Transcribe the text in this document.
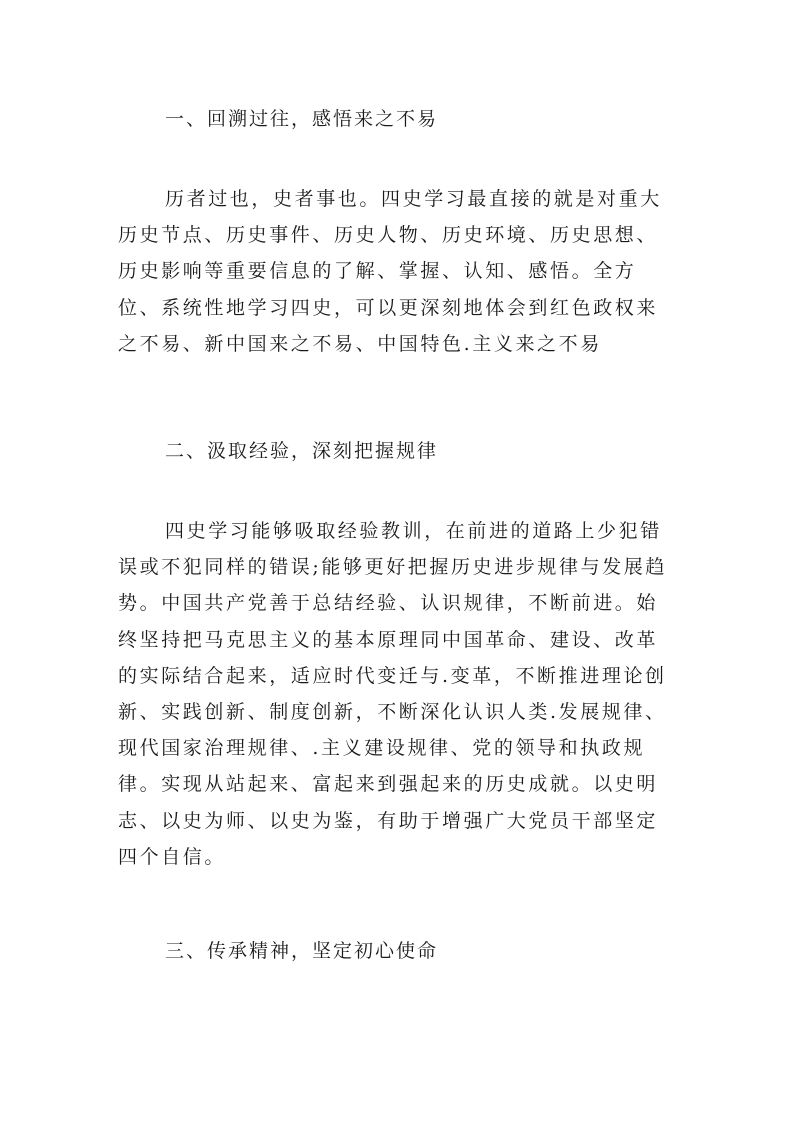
一、回溯过往，感悟来之不易

历者过也，史者事也。四史学习最直接的就是对重大历史节点、历史事件、历史人物、历史环境、历史思想、历史影响等重要信息的了解、掌握、认知、感悟。全方位、系统性地学习四史，可以更深刻地体会到红色政权来之不易、新中国来之不易、中国特色.主义来之不易

二、汲取经验，深刻把握规律

四史学习能够吸取经验教训，在前进的道路上少犯错误或不犯同样的错误;能够更好把握历史进步规律与发展趋势。中国共产党善于总结经验、认识规律，不断前进。始终坚持把马克思主义的基本原理同中国革命、建设、改革的实际结合起来，适应时代变迁与.变革，不断推进理论创新、实践创新、制度创新，不断深化认识人类.发展规律、现代国家治理规律、.主义建设规律、党的领导和执政规律。实现从站起来、富起来到强起来的历史成就。以史明志、以史为师、以史为鉴，有助于增强广大党员干部坚定四个自信。

三、传承精神，坚定初心使命
